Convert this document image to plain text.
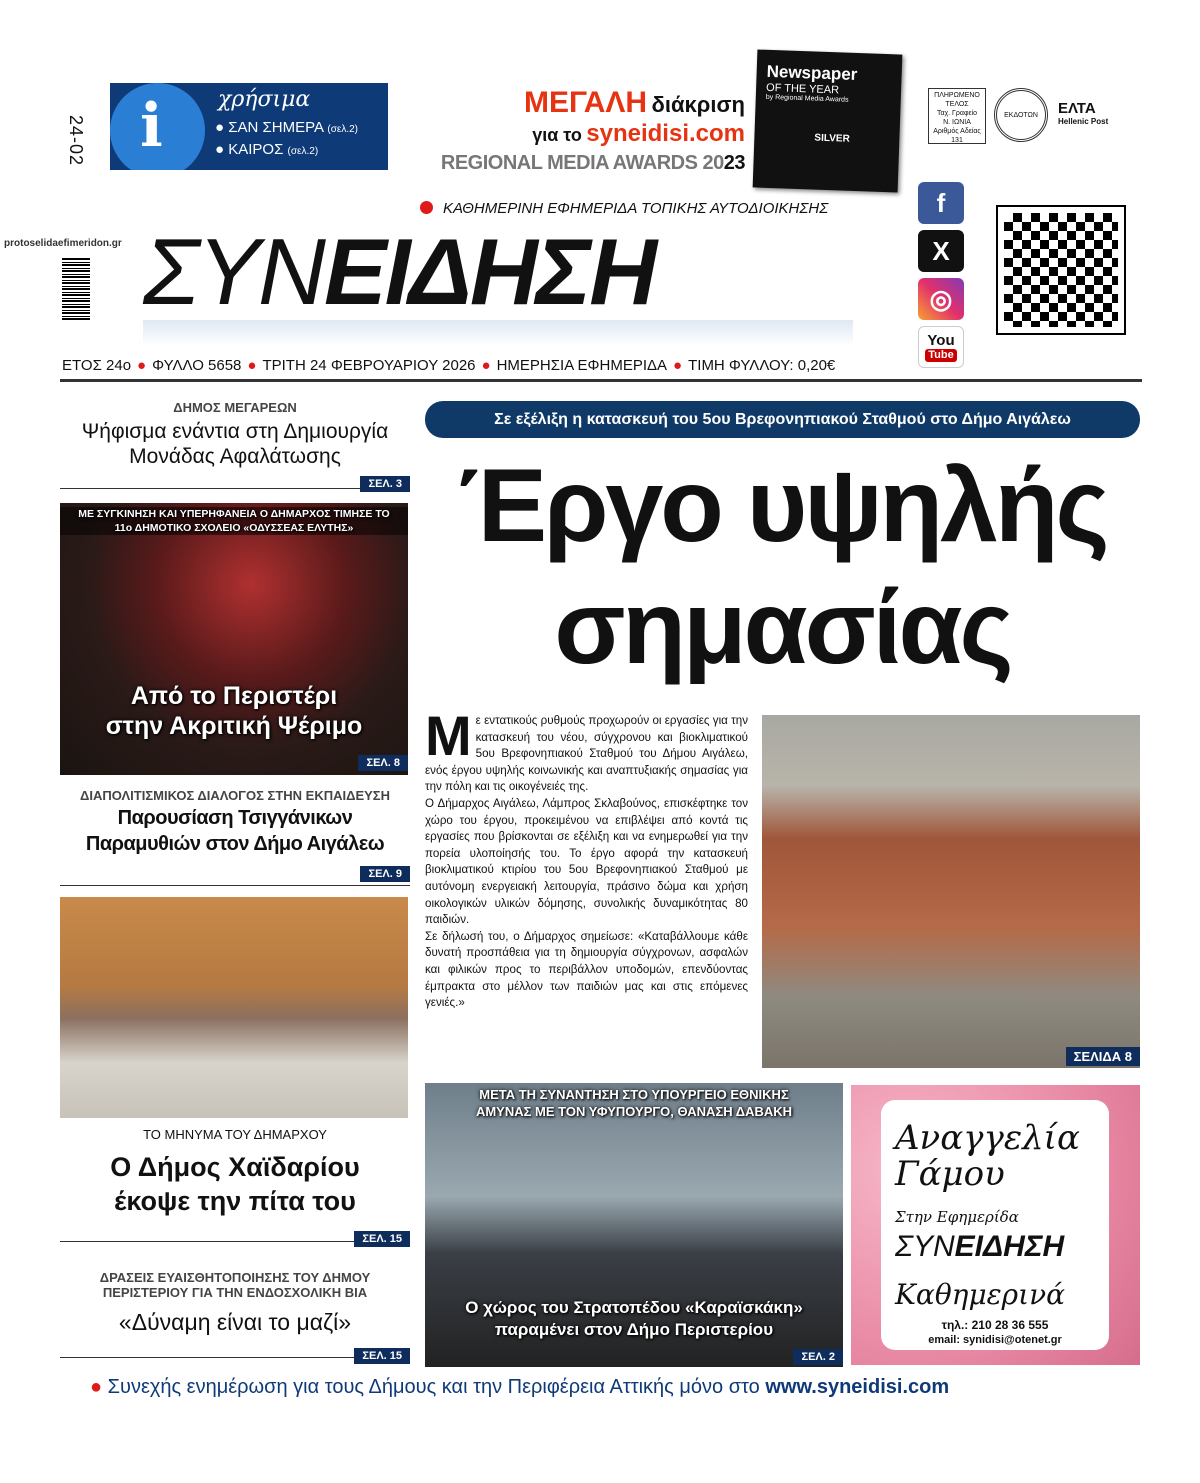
protoselidaefimeridon.gr
24-02 i	χρήσιμα
● ΣΑΝ ΣΗΜΕΡΑ (σελ.2)
● ΚΑΙΡΟΣ (σελ.2)
ΜΕΓΑΛΗ διάκριση
για το syneidisi.com
REGIONAL MEDIA AWARDS 2023
Newspaper
OF THE YEAR
by Regional Media Awards
SILVER
ΠΛΗΡΩΜΕΝΟ
ΤΕΛΟΣ
Ταχ. Γραφείο
Ν. ΙΩΝΙΑ
Αριθμός Αδείας
131
ΕΚΔΟΤΩΝ ΕΛΤΑ
Hellenic Post
ΚΑΘΗΜΕΡΙΝΗ ΕΦΗΜΕΡΙΔΑ ΤΟΠΙΚΗΣ ΑΥΤΟΔΙΟΙΚΗΣΗΣ
ΣΥΝΕΙΔΗΣΗ
f
X
◎
You
Tube
ΕΤΟΣ 24ο ● ΦΥΛΛΟ 5658 ● ΤΡΙΤΗ 24 ΦΕΒΡΟΥΑΡΙΟΥ 2026 ● ΗΜΕΡΗΣΙΑ ΕΦΗΜΕΡΙΔΑ ● ΤΙΜΗ ΦΥΛΛΟΥ: 0,20€
ΔΗΜΟΣ ΜΕΓΑΡΕΩΝ
Ψήφισμα ενάντια στη Δημιουργία Μονάδας Αφαλάτωσης
ΣΕΛ. 3
ΜΕ ΣΥΓΚΙΝΗΣΗ ΚΑΙ ΥΠΕΡΗΦΑΝΕΙΑ Ο ΔΗΜΑΡΧΟΣ ΤΙΜΗΣΕ ΤΟ 11ο ΔΗΜΟΤΙΚΟ ΣΧΟΛΕΙΟ «ΟΔΥΣΣΕΑΣ ΕΛΥΤΗΣ»
Από το Περιστέρι
στην Ακριτική Ψέριμο
ΣΕΛ. 8
ΔΙΑΠΟΛΙΤΙΣΜΙΚΟΣ ΔΙΑΛΟΓΟΣ ΣΤΗΝ ΕΚΠΑΙΔΕΥΣΗ
Παρουσίαση Τσιγγάνικων
Παραμυθιών στον Δήμο Αιγάλεω
ΣΕΛ. 9
ΤΟ ΜΗΝΥΜΑ ΤΟΥ ΔΗΜΑΡΧΟΥ
Ο Δήμος Χαϊδαρίου
έκοψε την πίτα του
ΣΕΛ. 15
ΔΡΑΣΕΙΣ ΕΥΑΙΣΘΗΤΟΠΟΙΗΣΗΣ ΤΟΥ ΔΗΜΟΥ
ΠΕΡΙΣΤΕΡΙΟΥ ΓΙΑ ΤΗΝ ΕΝΔΟΣΧΟΛΙΚΗ ΒΙΑ
«Δύναμη είναι το μαζί»
ΣΕΛ. 15
Σε εξέλιξη η κατασκευή του 5ου Βρεφονηπιακού Σταθμού στο Δήμο Αιγάλεω
Έργο υψηλής
σημασίας
Μ ε εντατικούς ρυθμούς προχωρούν οι εργασίες για την κατασκευή του νέου, σύγχρονου και βιοκλιματικού 5ου Βρεφονηπιακού Σταθμού του Δήμου Αιγάλεω, ενός έργου υψηλής κοινωνικής και αναπτυξιακής σημασίας για την πόλη και τις οικογένειές της.

Ο Δήμαρχος Αιγάλεω, Λάμπρος Σκλαβούνος, επισκέφτηκε τον χώρο του έργου, προκειμένου να επιβλέψει από κοντά τις εργασίες που βρίσκονται σε εξέλιξη και να ενημερωθεί για την πορεία υλοποίησής του. Το έργο αφορά την κατασκευή βιοκλιματικού κτιρίου του 5ου Βρεφονηπιακού Σταθμού με αυτόνομη ενεργειακή λειτουργία, πράσινο δώμα και χρήση οικολογικών υλικών δόμησης, συνολικής δυναμικότητας 80 παιδιών.

Σε δήλωσή του, ο Δήμαρχος σημείωσε: «Καταβάλλουμε κάθε δυνατή προσπάθεια για τη δημιουργία σύγχρονων, ασφαλών και φιλικών προς το περιβάλλον υποδομών, επενδύοντας έμπρακτα στο μέλλον των παιδιών μας και στις επόμενες γενιές.»

ΣΕΛΙΔΑ 8
ΜΕΤΑ ΤΗ ΣΥΝΑΝΤΗΣΗ ΣΤΟ ΥΠΟΥΡΓΕΙΟ ΕΘΝΙΚΗΣ ΑΜΥΝΑΣ ΜΕ ΤΟΝ ΥΦΥΠΟΥΡΓΟ, ΘΑΝΑΣΗ ΔΑΒΑΚΗ
Ο χώρος του Στρατοπέδου «Καραϊσκάκη»
παραμένει στον Δήμο Περιστερίου
ΣΕΛ. 2
Αναγγελία
Γάμου
Στην Εφημερίδα
ΣΥΝΕΙΔΗΣΗ
Καθημερινά
τηλ.: 210 28 36 555
email: synidisi@otenet.gr
● Συνεχής ενημέρωση για τους Δήμους και την Περιφέρεια Αττικής μόνο στο www.syneidisi.com
